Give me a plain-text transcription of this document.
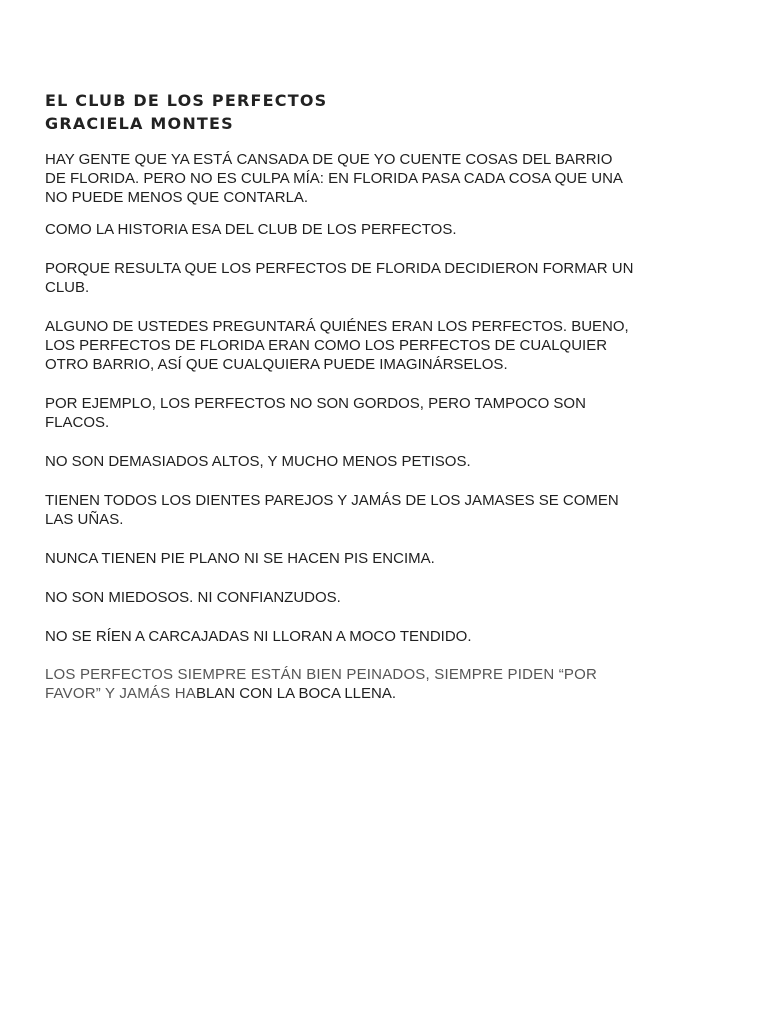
EL CLUB DE LOS PERFECTOS
GRACIELA MONTES

HAY GENTE QUE YA ESTÁ CANSADA DE QUE YO CUENTE COSAS DEL BARRIO
DE FLORIDA. PERO NO ES CULPA MÍA: EN FLORIDA PASA CADA COSA QUE UNA
NO PUEDE MENOS QUE CONTARLA.

COMO LA HISTORIA ESA DEL CLUB DE LOS PERFECTOS.

PORQUE RESULTA QUE LOS PERFECTOS DE FLORIDA DECIDIERON FORMAR UN
CLUB.

ALGUNO DE USTEDES PREGUNTARÁ QUIÉNES ERAN LOS PERFECTOS. BUENO,
LOS PERFECTOS DE FLORIDA ERAN COMO LOS PERFECTOS DE CUALQUIER
OTRO BARRIO, ASÍ QUE CUALQUIERA PUEDE IMAGINÁRSELOS.

POR EJEMPLO, LOS PERFECTOS NO SON GORDOS, PERO TAMPOCO SON
FLACOS.

NO SON DEMASIADOS ALTOS, Y MUCHO MENOS PETISOS.

TIENEN TODOS LOS DIENTES PAREJOS Y JAMÁS DE LOS JAMASES SE COMEN
LAS UÑAS.

NUNCA TIENEN PIE PLANO NI SE HACEN PIS ENCIMA.

NO SON MIEDOSOS. NI CONFIANZUDOS.

NO SE RÍEN A CARCAJADAS NI LLORAN A MOCO TENDIDO.

LOS PERFECTOS SIEMPRE ESTÁN BIEN PEINADOS, SIEMPRE PIDEN “POR
FAVOR” Y JAMÁS HABLAN CON LA BOCA LLENA.
